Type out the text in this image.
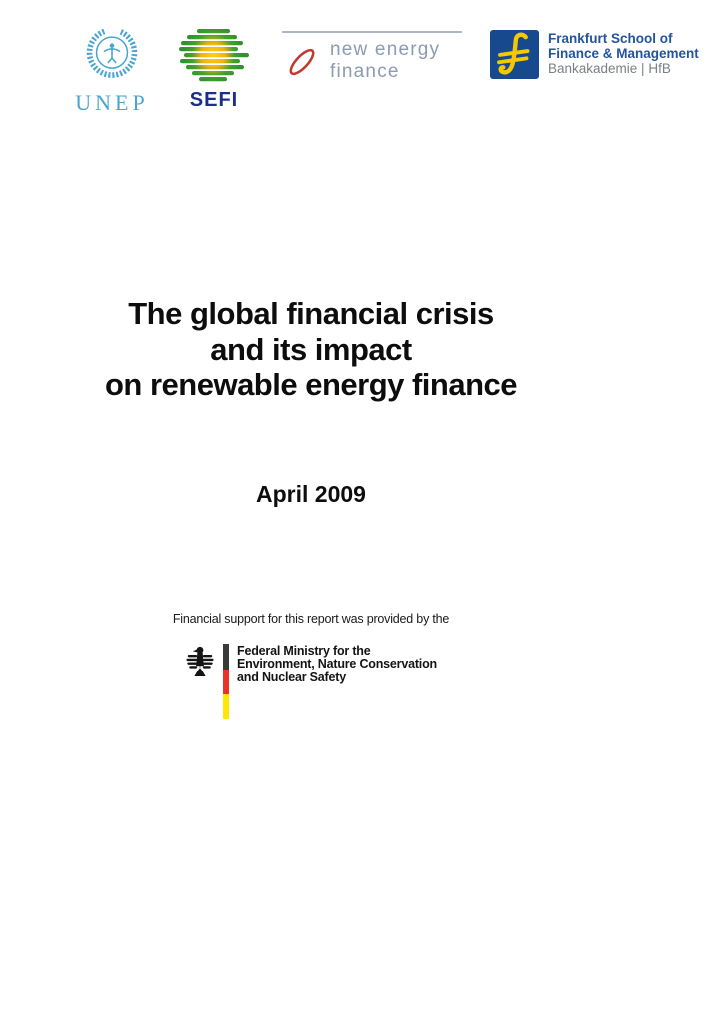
UNEP	SEFI
new energy
finance
Frankfurt School of
Finance & Management
Bankakademie | HfB
The global financial crisis
and its impact
on renewable energy finance
April 2009
Financial support for this report was provided by the
Federal Ministry for the
Environment, Nature Conservation
and Nuclear Safety
